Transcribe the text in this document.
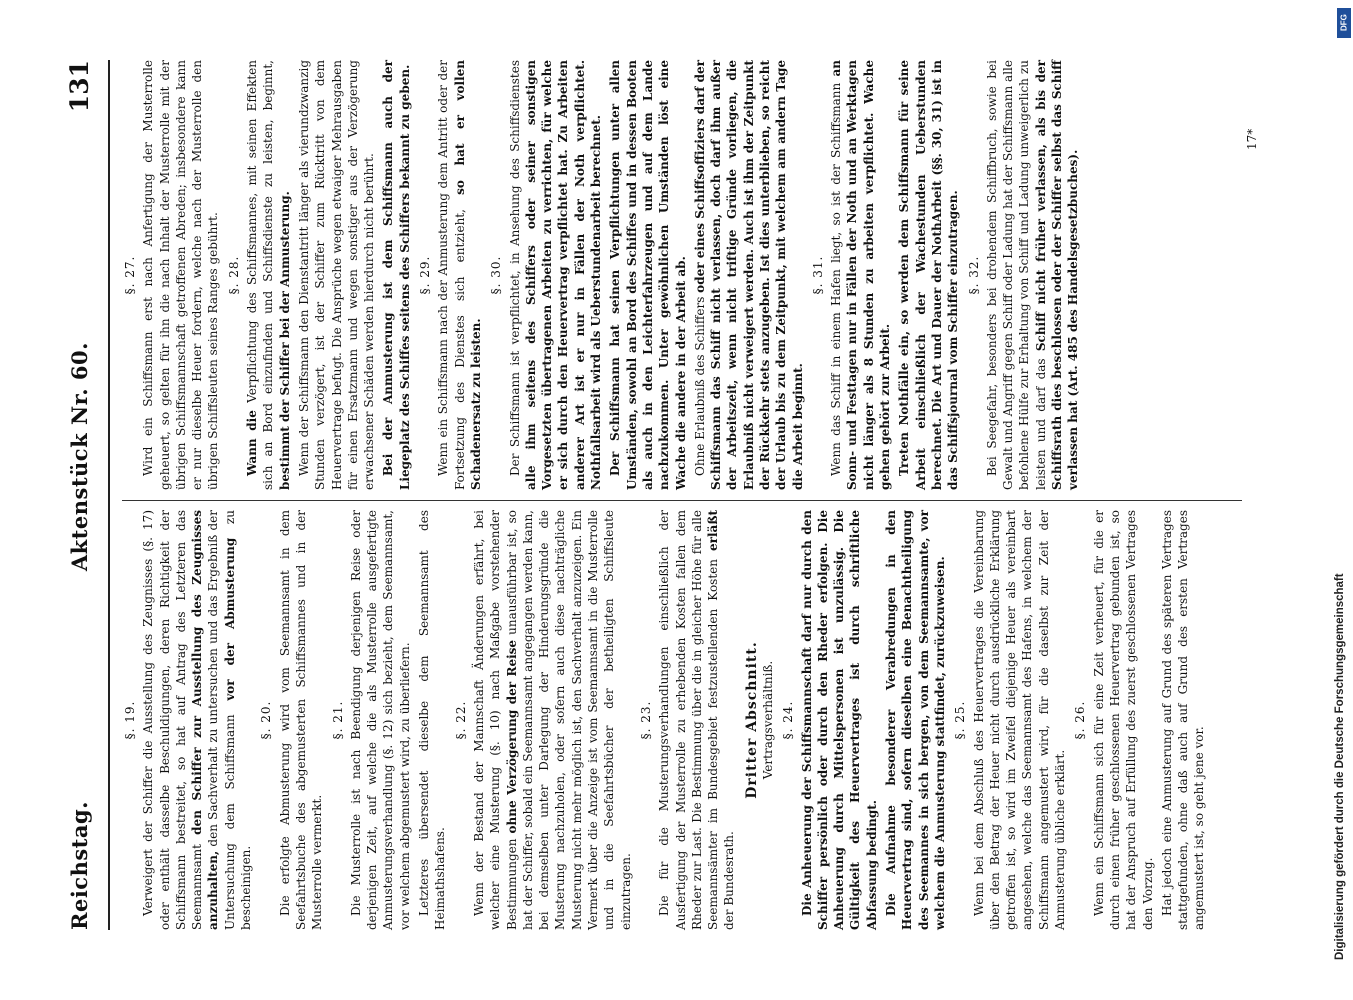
Reichstag.
Aktenstück Nr. 60.
131
§. 19. Verweigert der Schiffer die Ausstellung des Zeugnisses (§. 17) oder enthält dasselbe Beschuldigungen, deren Richtigkeit der Schiffsmann bestreitet, so hat auf Antrag des Letzteren das Seemannsamt den Schiffer zur Ausstellung des Zeugnisses anzuhalten, den Sachverhalt zu untersuchen und das Ergebniß der Untersuchung dem Schiffsmann vor der Abmusterung zu bescheinigen.

§. 20. Die erfolgte Abmusterung wird vom Seemannsamt in dem Seefahrtsbuche des abgemusterten Schiffsmannes und in der Musterrolle vermerkt.

§. 21. Die Musterrolle ist nach Beendigung derjenigen Reise oder derjenigen Zeit, auf welche die als Musterrolle ausgefertigte Anmusterungsverhandlung (§. 12) sich bezieht, dem Seemannsamt, vor welchem abgemustert wird, zu überliefern. Letzteres übersendet dieselbe dem Seemannsamt des Heimathshafens.

§. 22. Wenn der Bestand der Mannschaft Änderungen erfährt, bei welcher eine Musterung (§. 10) nach Maßgabe vorstehender Bestimmungen ohne Verzögerung der Reise unausführbar ist, so hat der Schiffer, sobald ein Seemannsamt angegangen werden kann, bei demselben unter Darlegung der Hinderungsgründe die Musterung nachzuholen, oder sofern auch diese nachträgliche Musterung nicht mehr möglich ist, den Sachverhalt anzuzeigen. Ein Vermerk über die Anzeige ist vom Seemannsamt in die Musterrolle und in die Seefahrtsbücher der betheiligten Schiffsleute einzutragen.

§. 23. Die für die Musterungsverhandlungen einschließlich der Ausfertigung der Musterrolle zu erhebenden Kosten fallen dem Rheder zur Last. Die Bestimmung über die in gleicher Höhe für alle Seemannsämter im Bundesgebiet festzustellenden Kosten erläßt der Bundesrath.

Dritter Abschnitt. Vertragsverhältniß. §. 24. Die Anheuerung der Schiffsmannschaft darf nur durch den Schiffer persönlich oder durch den Rheder erfolgen. Die Anheuerung durch Mittelspersonen ist unzulässig. Die Gültigkeit des Heuervertrages ist durch schriftliche Abfassung bedingt. Die Aufnahme besonderer Verabredungen in den Heuervertrag sind, sofern dieselben eine Benachtheiligung des Seemannes in sich bergen, von dem Seemannsamte, vor welchem die Anmusterung stattfindet, zurückzuweisen. §. 25. Wenn bei dem Abschluß des Heuervertrages die Vereinbarung über den Betrag der Heuer nicht durch ausdrückliche Erklärung getroffen ist, so wird im Zweifel diejenige Heuer als vereinbart angesehen, welche das Seemannsamt des Hafens, in welchem der Schiffsmann angemustert wird, für die daselbst zur Zeit der Anmusterung übliche erklärt.

§. 26. Wenn ein Schiffsmann sich für eine Zeit verheuert, für die er durch einen früher geschlossenen Heuervertrag gebunden ist, so hat der Anspruch auf Erfüllung des zuerst geschlossenen Vertrages den Vorzug. Hat jedoch eine Anmusterung auf Grund des späteren Vertrages stattgefunden, ohne daß auch auf Grund des ersten Vertrages angemustert ist, so geht jene vor.

§. 27. Wird ein Schiffsmann erst nach Anfertigung der Musterrolle geheuert, so gelten für ihn die nach Inhalt der Musterrolle mit der übrigen Schiffsmannschaft getroffenen Abreden; insbesondere kann er nur dieselbe Heuer fordern, welche nach der Musterrolle den übrigen Schiffsleuten seines Ranges gebührt. §. 28.

Wann die Verpflichtung des Schiffsmannes, mit seinen Effekten sich an Bord einzufinden und Schiffsdienste zu leisten, beginnt, bestimmt der Schiffer bei der Anmusterung. Wenn der Schiffsmann den Dienstantritt länger als vierundzwanzig Stunden verzögert, ist der Schiffer zum Rücktritt von dem Heuervertrage befugt. Die Ansprüche wegen etwaiger Mehrausgaben für einen Ersatzmann und wegen sonstiger aus der Verzögerung erwachsener Schäden werden hierdurch nicht berührt. Bei der Anmusterung ist dem Schiffsmann auch der Liegeplatz des Schiffes seitens des Schiffers bekannt zu geben. §. 29. Wenn ein Schiffsmann nach der Anmusterung dem Antritt oder der Fortsetzung des Dienstes sich entzieht, so hat er vollen Schadenersatz zu leisten.

§. 30. Der Schiffsmann ist verpflichtet, in Ansehung des Schiffsdienstes alle ihm seitens des Schiffers oder seiner sonstigen Vorgesetzten übertragenen Arbeiten zu verrichten, für welche er sich durch den Heuervertrag verpflichtet hat. Zu Arbeiten anderer Art ist er nur in Fällen der Noth verpflichtet. Nothfallsarbeit wird als Ueberstundenarbeit berechnet. Der Schiffsmann hat seinen Verpflichtungen unter allen Umständen, sowohl an Bord des Schiffes und in dessen Booten als auch in den Leichterfahrzeugen und auf dem Lande nachzukommen. Unter gewöhnlichen Umständen löst eine Wache die andere in der Arbeit ab. Ohne Erlaubniß des Schiffers oder eines Schiffsoffiziers darf der Schiffsmann das Schiff nicht verlassen, doch darf ihm außer der Arbeitszeit, wenn nicht triftige Gründe vorliegen, die Erlaubniß nicht verweigert werden. Auch ist ihm der Zeitpunkt der Rückkehr stets anzugeben. Ist dies unterblieben, so reicht der Urlaub bis zu dem Zeitpunkt, mit welchem am andern Tage die Arbeit beginnt.

§. 31. Wenn das Schiff in einem Hafen liegt, so ist der Schiffsmann an Sonn- und Festtagen nur in Fällen der Noth und an Werktagen nicht länger als 8 Stunden zu arbeiten verpflichtet. Wache gehen gehört zur Arbeit. Treten Nothfälle ein, so werden dem Schiffsmann für seine Arbeit einschließlich der Wachestunden Ueberstunden berechnet. Die Art und Dauer der NothArbeit (§§. 30, 31) ist in das Schiffsjournal vom Schiffer einzutragen. §. 32. Bei Seegefahr, besonders bei drohendem Schiffbruch, sowie bei Gewalt und Angriff gegen Schiff oder Ladung hat der Schiffsmann alle befohlene Hülfe zur Erhaltung von Schiff und Ladung unweigerlich zu leisten und darf das Schiff nicht früher verlassen, als bis der Schiffsrath dies beschlossen oder der Schiffer selbst das Schiff verlassen hat (Art. 485 des Handelsgesetzbuches).

17*
DFG
Digitalisierung gefördert durch die Deutsche Forschungsgemeinschaft
